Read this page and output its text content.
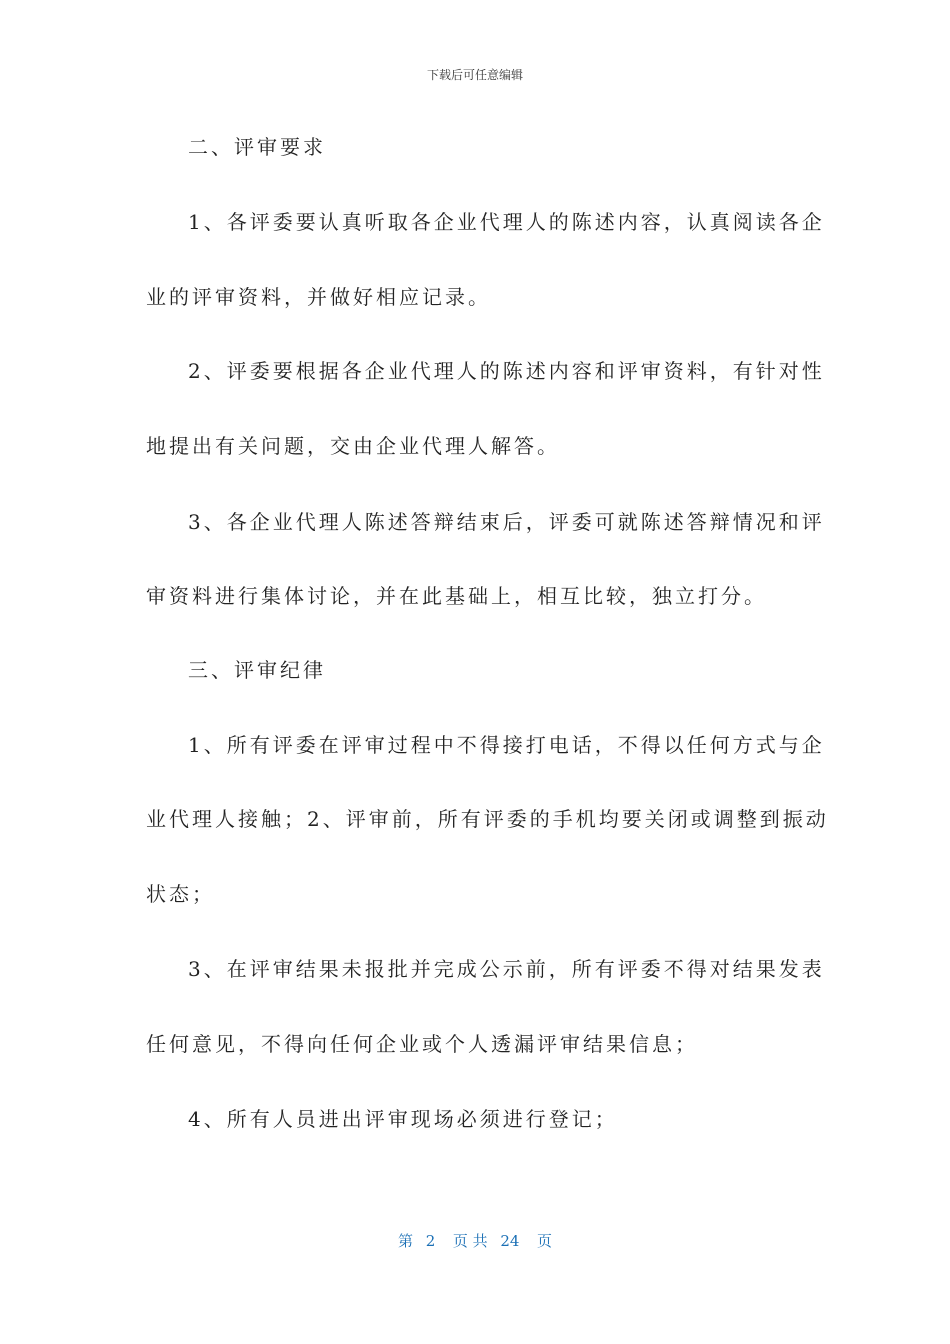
下载后可任意编辑
二、评审要求
1、各评委要认真听取各企业代理人的陈述内容，认真阅读各企
业的评审资料，并做好相应记录。
2、评委要根据各企业代理人的陈述内容和评审资料，有针对性
地提出有关问题，交由企业代理人解答。
3、各企业代理人陈述答辩结束后，评委可就陈述答辩情况和评
审资料进行集体讨论，并在此基础上，相互比较，独立打分。
三、评审纪律
1、所有评委在评审过程中不得接打电话，不得以任何方式与企
业代理人接触；2、评审前，所有评委的手机均要关闭或调整到振动
状态；
3、在评审结果未报批并完成公示前，所有评委不得对结果发表
任何意见，不得向任何企业或个人透漏评审结果信息；
4、所有人员进出评审现场必须进行登记；
第 2 页 共 24 页
